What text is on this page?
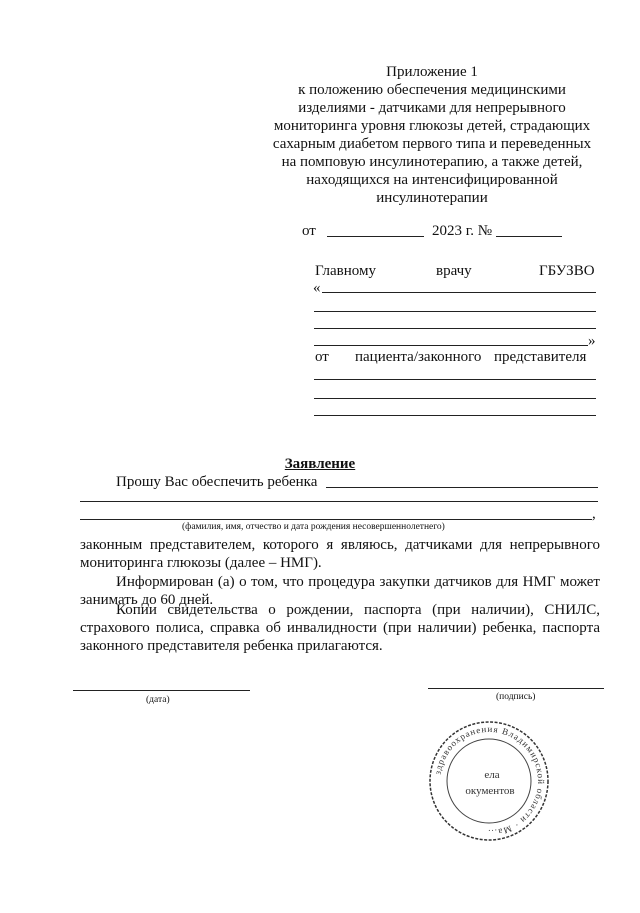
Приложение 1
к положению обеспечения медицинскими
изделиями - датчиками для непрерывного
мониторинга уровня глюкозы детей, страдающих
сахарным диабетом первого типа и переведенных
на помповую инсулинотерапию, а также детей,
находящихся на интенсифицированной
инсулинотерапии
от	2023 г. №
Главному	врачу	ГБУЗВО
«
»
от пациента/законного представителя
Заявление
Прошу Вас обеспечить ребенка
,
(фамилия, имя, отчество и дата рождения несовершеннолетнего)
законным представителем, которого я являюсь, датчиками для непрерывного мониторинга глюкозы (далее – НМГ).
Информирован (а) о том, что процедура закупки датчиков для НМГ может занимать до 60 дней.
Копии свидетельства о рождении, паспорта (при наличии), СНИЛС, страхового полиса, справка об инвалидности (при наличии) ребенка, паспорта законного представителя ребенка прилагаются.
(дата)	(подпись)
здравоохранения Владимирской области · Ма...
ела
окументов
